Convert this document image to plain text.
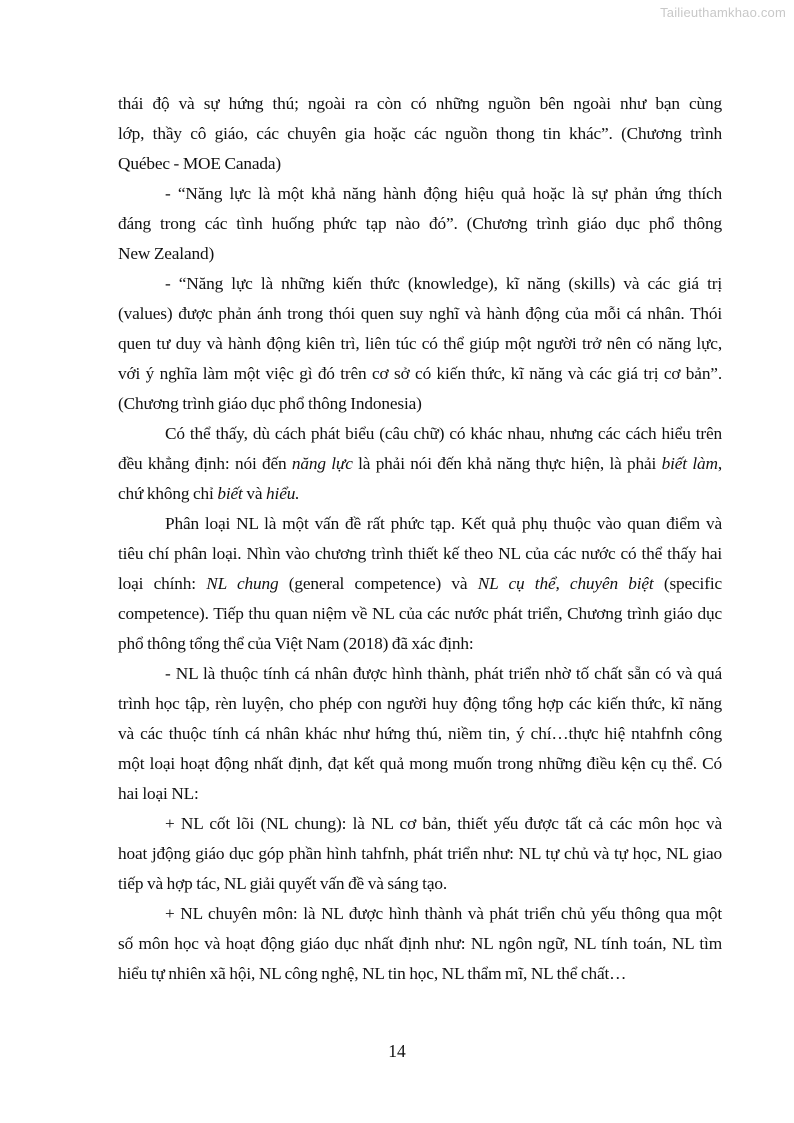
Tailieuthamkhao.com
thái độ và sự hứng thú; ngoài ra còn có những nguồn bên ngoài như bạn cùng
lớp, thầy cô giáo, các chuyên gia hoặc các nguồn thong tin khác”. (Chương trình
Québec - MOE Canada)
- “Năng lực là một khả năng hành động hiệu quả hoặc là sự phản ứng thích
đáng trong các tình huống phức tạp nào đó”. (Chương trình giáo dục phổ thông
New Zealand)
- “Năng lực là những kiến thức (knowledge), kĩ năng (skills) và các giá trị
(values) được phản ánh trong thói quen suy nghĩ và hành động của mỗi cá nhân. Thói
quen tư duy và hành động kiên trì, liên túc có thể giúp một người trở nên có năng lực,
với ý nghĩa làm một việc gì đó trên cơ sở có kiến thức, kĩ năng và các giá trị cơ bản”.
(Chương trình giáo dục phổ thông Indonesia)
Có thể thấy, dù cách phát biểu (câu chữ) có khác nhau, nhưng các cách hiểu trên
đều khẳng định: nói đến năng lực là phải nói đến khả năng thực hiện, là phải biết làm,
chứ không chỉ biết và hiểu.
Phân loại NL là một vấn đề rất phức tạp. Kết quả phụ thuộc vào quan điểm và
tiêu chí phân loại. Nhìn vào chương trình thiết kế theo NL của các nước có thể thấy hai
loại chính: NL chung (general competence) và NL cụ thể, chuyên biệt (specific
competence). Tiếp thu quan niệm về NL của các nước phát triển, Chương trình giáo dục
phổ thông tổng thể của Việt Nam (2018) đã xác định:
- NL là thuộc tính cá nhân được hình thành, phát triển nhờ tố chất sẵn có và quá
trình học tập, rèn luyện, cho phép con người huy động tổng hợp các kiến thức, kĩ năng
và các thuộc tính cá nhân khác như hứng thú, niềm tin, ý chí…thực hiệ ntahfnh công
một loại hoạt động nhất định, đạt kết quả mong muốn trong những điều kện cụ thể. Có
hai loại NL:
+ NL cốt lõi (NL chung): là NL cơ bản, thiết yếu được tất cả các môn học và
hoat jđộng giáo dục góp phần hình tahfnh, phát triển như: NL tự chủ và tự học, NL giao
tiếp và hợp tác, NL giải quyết vấn đề và sáng tạo.
+ NL chuyên môn: là NL được hình thành và phát triển chủ yếu thông qua một
số môn học và hoạt động giáo dục nhất định như: NL ngôn ngữ, NL tính toán, NL tìm
hiểu tự nhiên xã hội, NL công nghệ, NL tin học, NL thẩm mĩ, NL thể chất…
14
